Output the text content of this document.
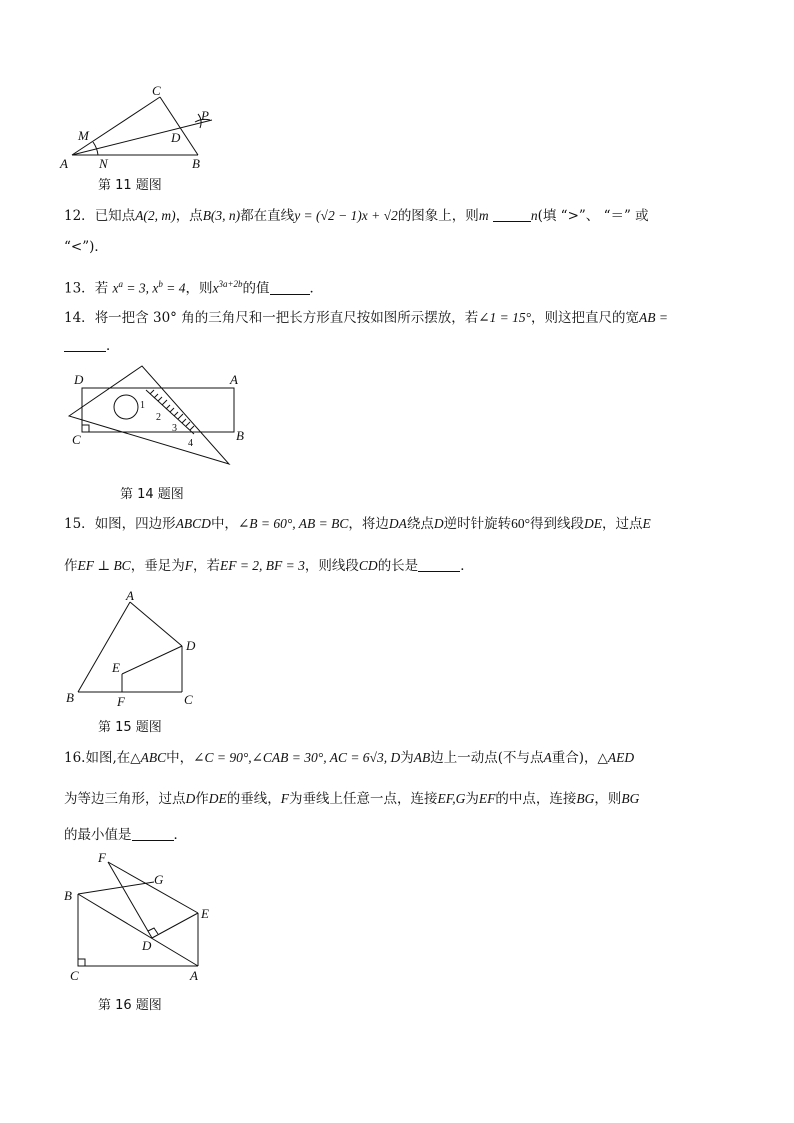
A	B
C
D
M
N
P
第 11 题图
12．已知点A(2, m)，点B(3, n)都在直线y = (√2 − 1)x + √2的图象上，则m	n(填 “>”、 “＝” 或
“<”)．
13．若 $x^a = 3$, $x^b = 4$，则$x^{3a+2b}$的值	．
14．将一把含 30° 角的三角尺和一把长方形直尺按如图所示摆放，若∠1 = 15°，则这把直尺的宽AB =
．
D	A
C	B
1
2
3
4
第 14 题图
15．如图，四边形ABCD中，∠B = 60°, AB = BC，将边DA绕点D逆时针旋转60°得到线段DE，过点E
作EF ⊥ BC，垂足为F，若EF = 2, BF = 3，则线段CD的长是	．
A
B	C
D
E
F
第 15 题图
16.如图,在△ABC中，∠C = 90°,∠CAB = 30°, AC = 6√3, D为AB边上一动点(不与点A重合)，△AED
为等边三角形，过点D作DE的垂线，F为垂线上任意一点，连接EF,G为EF的中点，连接BG，则BG
的最小值是	．
F
G
B
E
D
C	A
第 16 题图
